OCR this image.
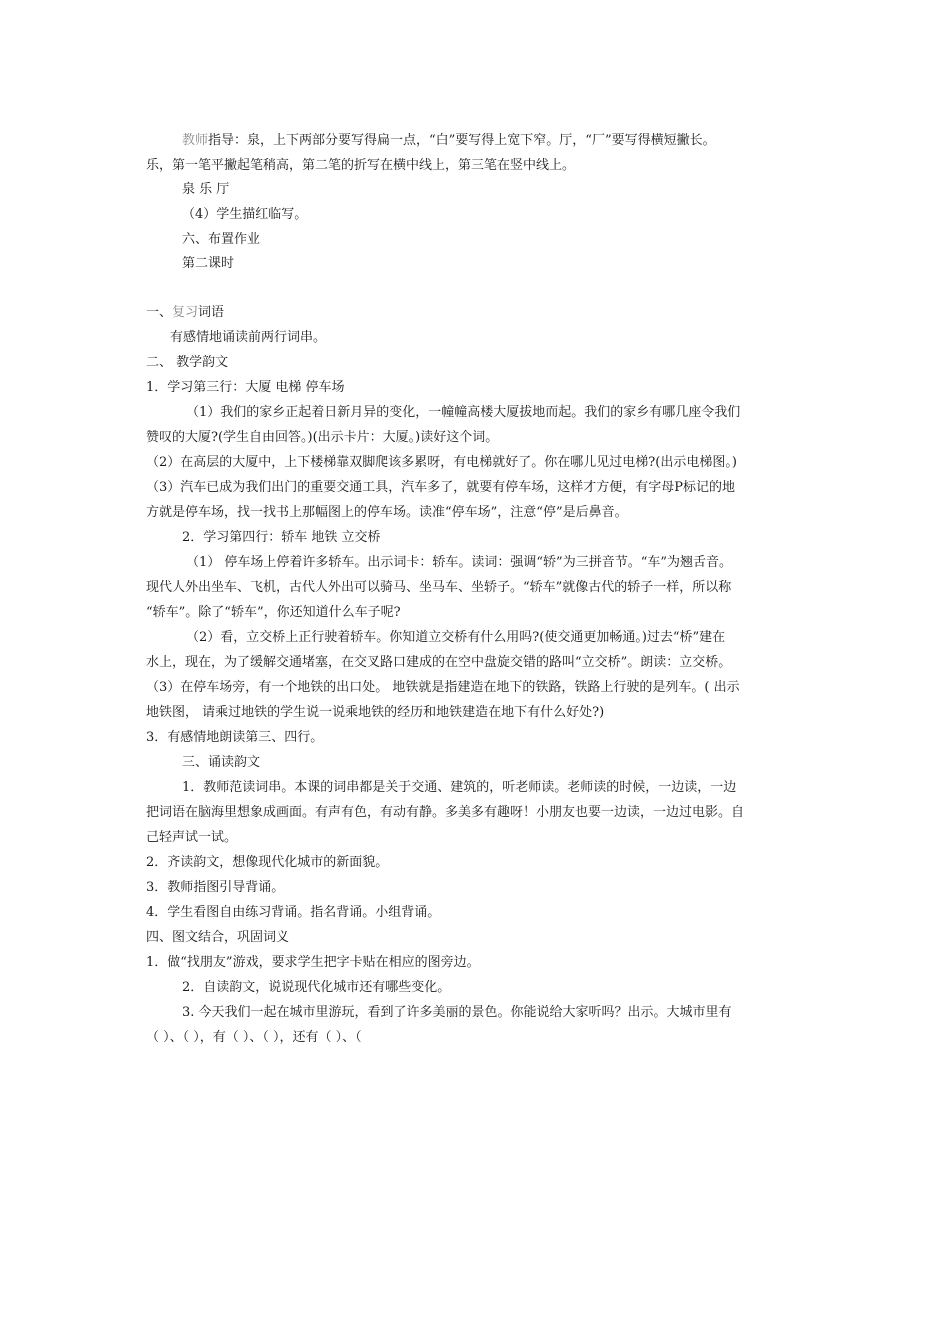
教师指导：泉，上下两部分要写得扁一点，“白”要写得上宽下窄。厅，“厂”要写得横短撇长。
乐，第一笔平撇起笔稍高，第二笔的折写在横中线上，第三笔在竖中线上。
泉 乐 厅
（4）学生描红临写。
六、布置作业
第二课时
一、复习词语
有感情地诵读前两行词串。
二、 教学韵文
1．学习第三行：大厦 电梯 停车场
（1）我们的家乡正起着日新月异的变化，一幢幢高楼大厦拔地而起。我们的家乡有哪几座令我们
赞叹的大厦?(学生自由回答。)(出示卡片：大厦。)读好这个词。
（2）在高层的大厦中，上下楼梯靠双脚爬该多累呀，有电梯就好了。你在哪儿见过电梯?(出示电梯图。)
（3）汽车已成为我们出门的重要交通工具，汽车多了，就要有停车场，这样才方便，有字母P标记的地
方就是停车场，找一找书上那幅图上的停车场。读准“停车场”，注意“停”是后鼻音。
2．学习第四行：轿车 地铁 立交桥
（1） 停车场上停着许多轿车。出示词卡：轿车。读词：强调“轿”为三拼音节。“车”为翘舌音。
现代人外出坐车、飞机，古代人外出可以骑马、坐马车、坐轿子。“轿车”就像古代的轿子一样，所以称
“轿车”。除了“轿车”，你还知道什么车子呢?
（2）看，立交桥上正行驶着轿车。你知道立交桥有什么用吗?(使交通更加畅通。)过去“桥”建在
水上，现在，为了缓解交通堵塞，在交叉路口建成的在空中盘旋交错的路叫“立交桥”。朗读：立交桥。
（3）在停车场旁，有一个地铁的出口处。 地铁就是指建造在地下的铁路，铁路上行驶的是列车。( 出示
地铁图， 请乘过地铁的学生说一说乘地铁的经历和地铁建造在地下有什么好处?)
3．有感情地朗读第三、四行。
三、诵读韵文
1．教师范读词串。本课的词串都是关于交通、建筑的，听老师读。老师读的时候，一边读，一边
把词语在脑海里想象成画面。有声有色，有动有静。多美多有趣呀！小朋友也要一边读，一边过电影。自
己轻声试一试。
2．齐读韵文，想像现代化城市的新面貌。
3．教师指图引导背诵。
4．学生看图自由练习背诵。指名背诵。小组背诵。
四、图文结合，巩固词义
1．做“找朋友”游戏，要求学生把字卡贴在相应的图旁边。
2．自读韵文，说说现代化城市还有哪些变化。
3. 今天我们一起在城市里游玩，看到了许多美丽的景色。你能说给大家听吗？出示。大城市里有
（ ）、（ ），有（ ）、（ ），还有（ ）、（
